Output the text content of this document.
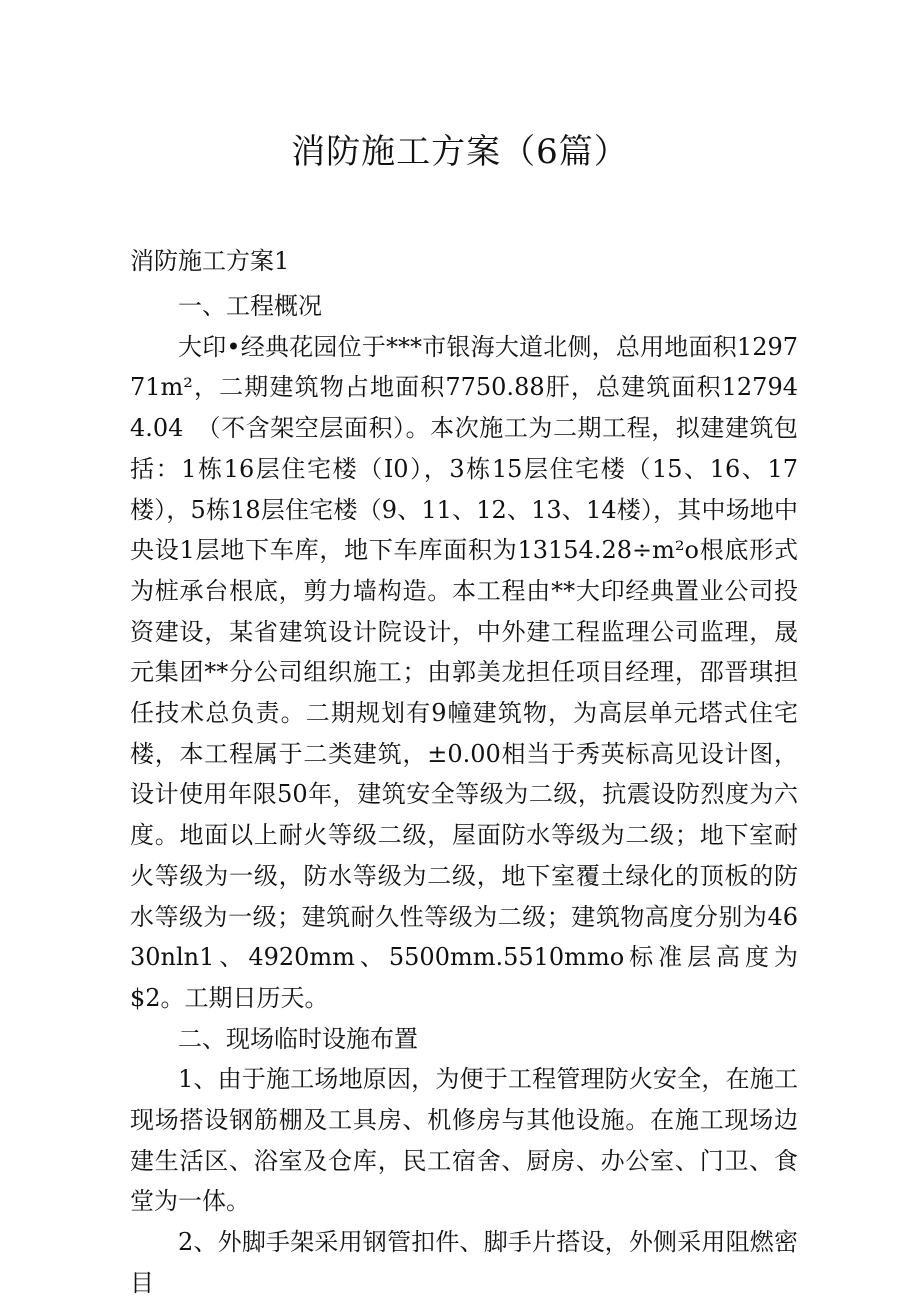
消防施工方案（6篇）
消防施工方案1

一、工程概况

大印•经典花园位于***市银海大道北侧，总用地面积129771m²，二期建筑物占地面积7750.88肝，总建筑面积127944.04　（不含架空层面积）。本次施工为二期工程，拟建建筑包括：1栋16层住宅楼（I0），3栋15层住宅楼（15、16、17楼），5栋18层住宅楼（9、11、12、13、14楼），其中场地中央设1层地下车库，地下车库面积为13154.28÷m²o根底形式为桩承台根底，剪力墙构造。本工程由**大印经典置业公司投资建设，某省建筑设计院设计，中外建工程监理公司监理，晟元集团**分公司组织施工；由郭美龙担任项目经理，邵晋琪担任技术总负责。二期规划有9幢建筑物，为高层单元塔式住宅楼，本工程属于二类建筑，±0.00相当于秀英标高见设计图，设计使用年限50年，建筑安全等级为二级，抗震设防烈度为六度。地面以上耐火等级二级，屋面防水等级为二级；地下室耐火等级为一级，防水等级为二级，地下室覆土绿化的顶板的防水等级为一级；建筑耐久性等级为二级；建筑物高度分别为4630nln1、4920mm、5500mm.5510mmo标准层高度为$2。工期日历天。

二、现场临时设施布置

1、由于施工场地原因，为便于工程管理防火安全，在施工现场搭设钢筋棚及工具房、机修房与其他设施。在施工现场边建生活区、浴室及仓库，民工宿舍、厨房、办公室、门卫、食堂为一体。

2、外脚手架采用钢管扣件、脚手片搭设，外侧采用阻燃密目
